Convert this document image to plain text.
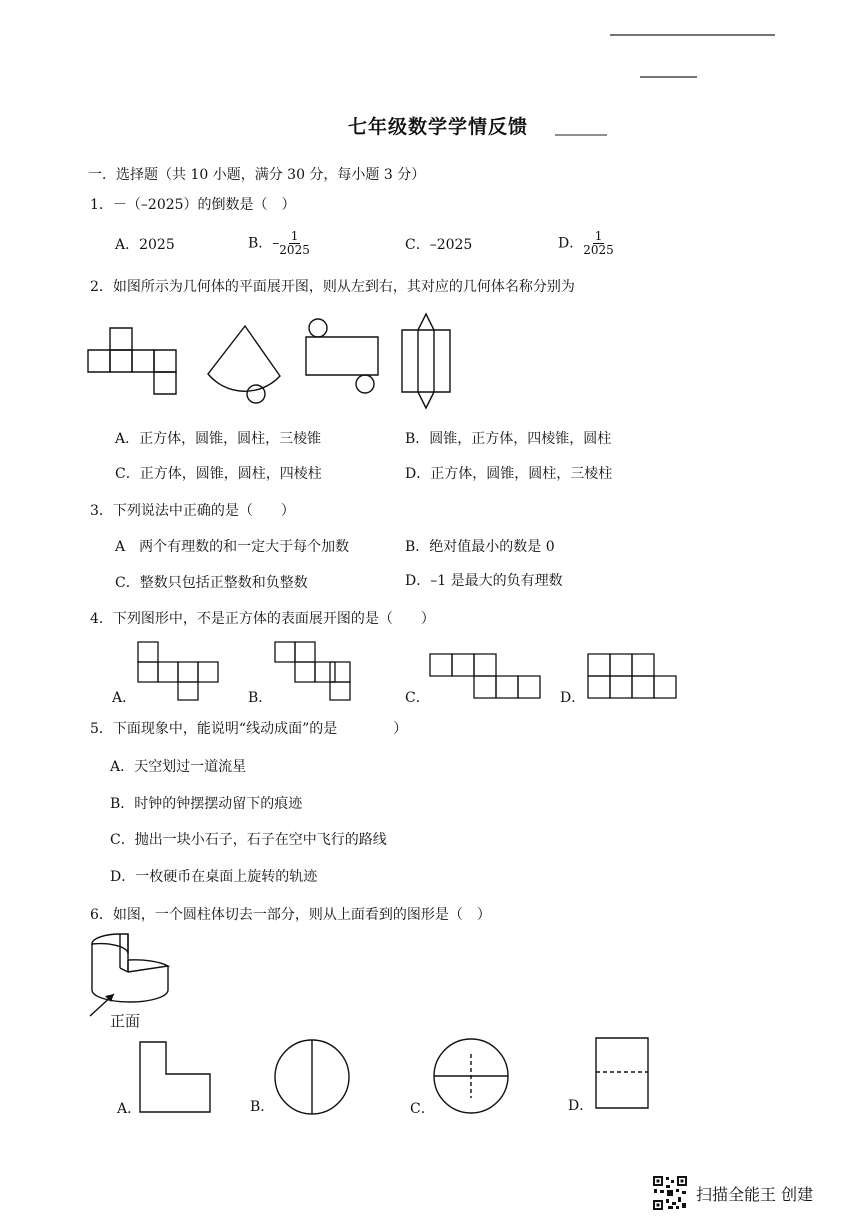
七年级数学学情反馈
一．选择题（共 10 小题，满分 30 分，每小题 3 分）
1．－（–2025）的倒数是（　）
A．2025	B．– $\frac{1}{2025}$	C．–2025	D． $\frac{1}{2025}$
2．如图所示为几何体的平面展开图，则从左到右，其对应的几何体名称分别为
A．正方体，圆锥，圆柱，三棱锥	B．圆锥，正方体，四棱锥，圆柱
C．正方体，圆锥，圆柱，四棱柱	D．正方体，圆锥，圆柱，三棱柱
3．下列说法中正确的是（　　）
A　两个有理数的和一定大于每个加数	B．绝对值最小的数是 0
C．整数只包括正整数和负整数	D．–1 是最大的负有理数
4．下列图形中，不是正方体的表面展开图的是（　　）
A．	B．	C．	D．
5．下面现象中，能说明“线动成面”的是　　　　）
A．天空划过一道流星
B．时钟的钟摆摆动留下的痕迹
C．抛出一块小石子，石子在空中飞行的路线
D．一枚硬币在桌面上旋转的轨迹
6．如图，一个圆柱体切去一部分，则从上面看到的图形是（　）
正面
A．	B．	C．	D．
扫描全能王 创建
